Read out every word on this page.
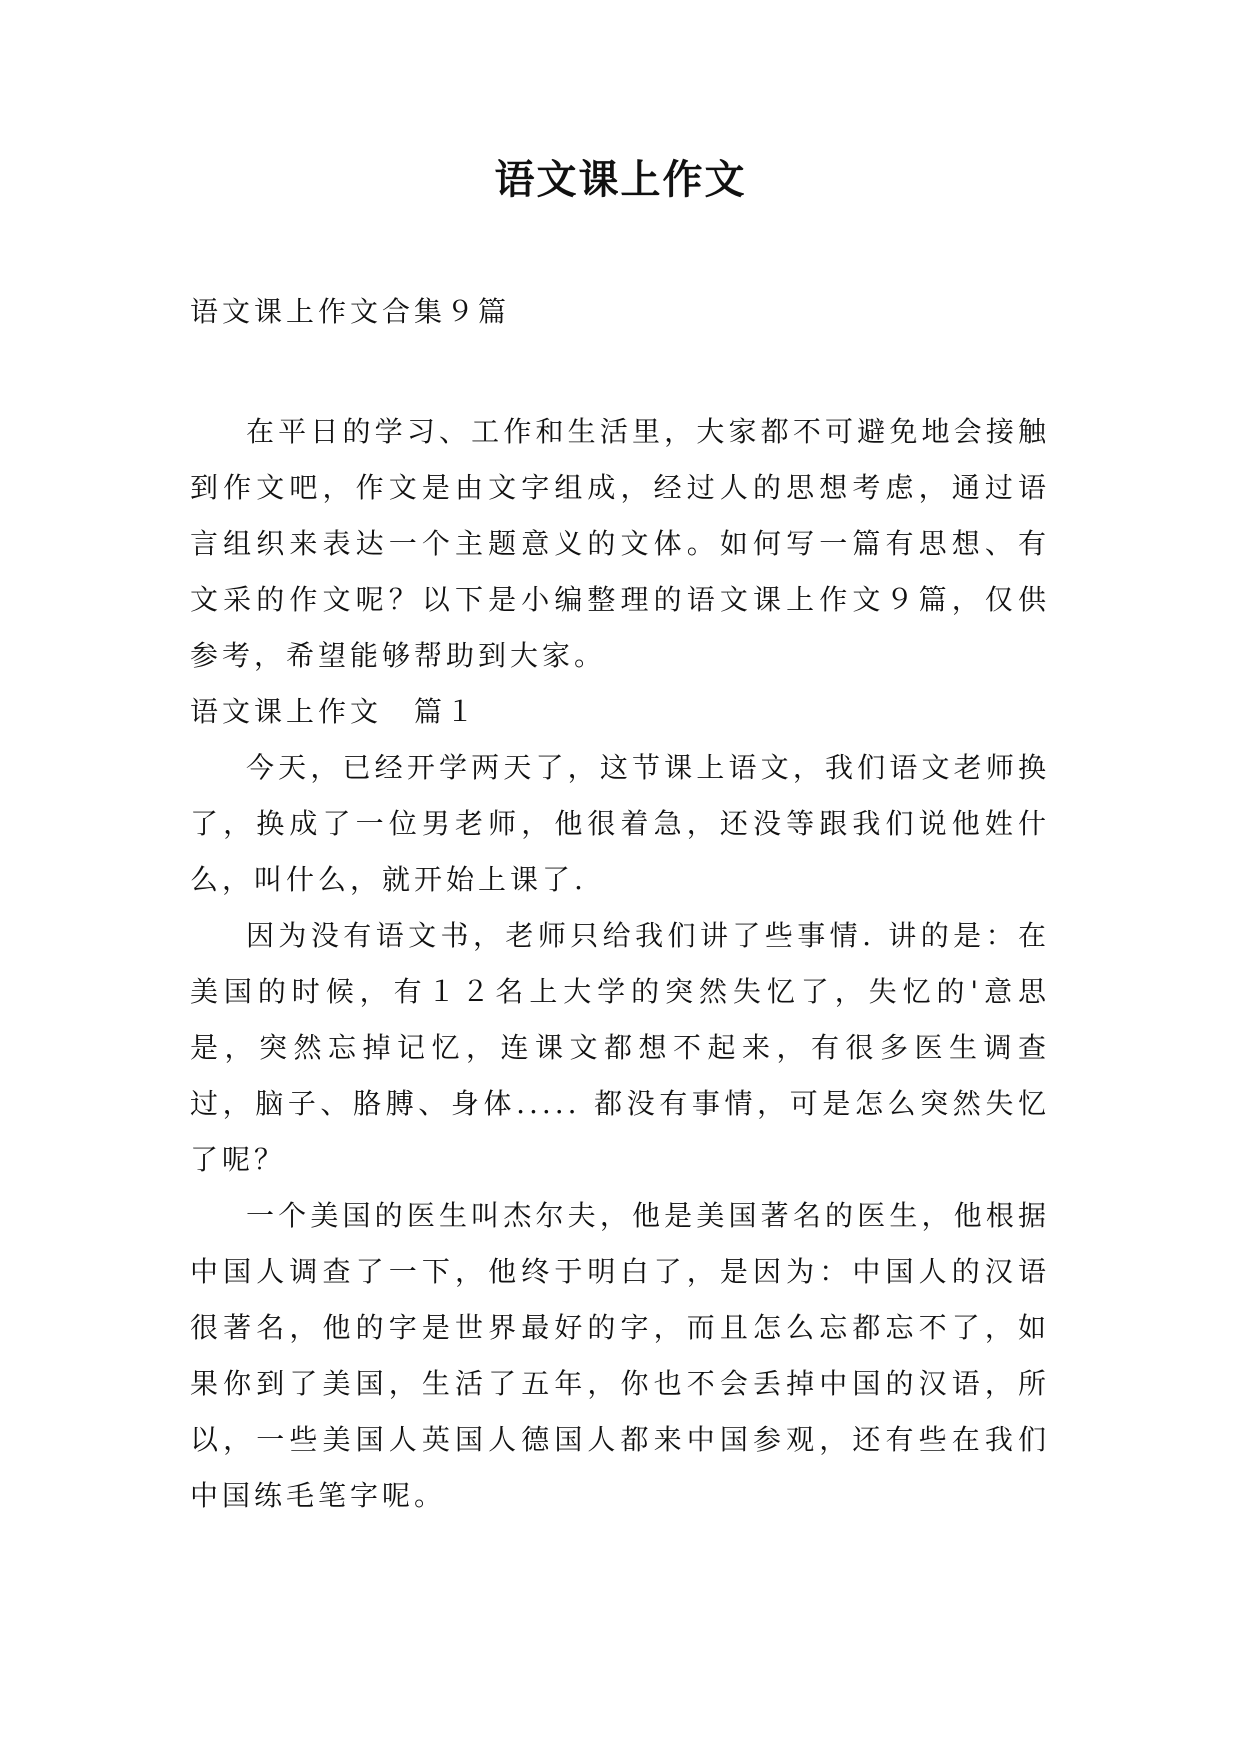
语文课上作文
语文课上作文合集９篇

在平日的学习、工作和生活里，大家都不可避免地会接触到作文吧，作文是由文字组成，经过人的思想考虑，通过语言组织来表达一个主题意义的文体。如何写一篇有思想、有文采的作文呢？以下是小编整理的语文课上作文９篇，仅供参考，希望能够帮助到大家。

语文课上作文　篇１

今天，已经开学两天了，这节课上语文，我们语文老师换了，换成了一位男老师，他很着急，还没等跟我们说他姓什么，叫什么，就开始上课了.

因为没有语文书，老师只给我们讲了些事情. 讲的是：在美国的时候，有１２名上大学的突然失忆了，失忆的'意思是，突然忘掉记忆，连课文都想不起来，有很多医生调查过，脑子、胳膊、身体..... 都没有事情，可是怎么突然失忆了呢？

一个美国的医生叫杰尔夫，他是美国著名的医生，他根据中国人调查了一下，他终于明白了，是因为：中国人的汉语很著名，他的字是世界最好的字，而且怎么忘都忘不了，如果你到了美国，生活了五年，你也不会丢掉中国的汉语，所以，一些美国人英国人德国人都来中国参观，还有些在我们中国练毛笔字呢。
